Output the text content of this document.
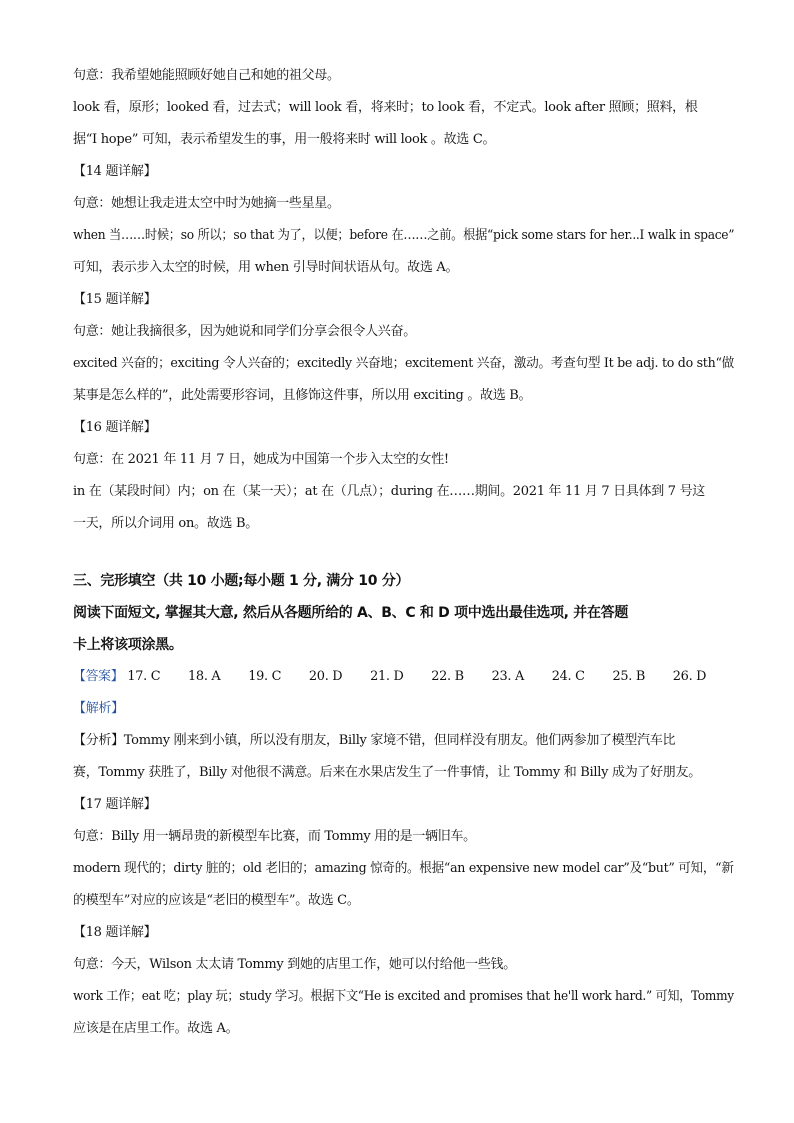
句意：我希望她能照顾好她自己和她的祖父母。
look 看，原形；looked 看，过去式；will look 看，将来时；to look 看，不定式。look after 照顾；照料，根
据“I hope” 可知，表示希望发生的事，用一般将来时 will look 。故选 C。
【14 题详解】
句意：她想让我走进太空中时为她摘一些星星。
when 当……时候；so 所以；so that 为了，以便；before 在……之前。根据“pick some stars for her...I walk in space”
可知，表示步入太空的时候，用 when 引导时间状语从句。故选 A。
【15 题详解】
句意：她让我摘很多，因为她说和同学们分享会很令人兴奋。
excited 兴奋的；exciting 令人兴奋的；excitedly 兴奋地；excitement 兴奋，激动。考查句型 It be adj. to do sth“做
某事是怎么样的”，此处需要形容词，且修饰这件事，所以用 exciting 。故选 B。
【16 题详解】
句意：在 2021 年 11 月 7 日，她成为中国第一个步入太空的女性!
in 在（某段时间）内；on 在（某一天）；at 在（几点）；during 在……期间。2021 年 11 月 7 日具体到 7 号这
一天，所以介词用 on。故选 B。
三、完形填空（共 10 小题;每小题 1 分, 满分 10 分）
阅读下面短文, 掌握其大意, 然后从各题所给的 A、B、C 和 D 项中选出最佳选项, 并在答题
卡上将该项涂黑。
【答案】 17. C 18. A 19. C 20. D 21. D 22. B 23. A 24. C 25. B 26. D
【解析】
【分析】Tommy 刚来到小镇，所以没有朋友，Billy 家境不错，但同样没有朋友。他们两参加了模型汽车比
赛，Tommy 获胜了，Billy 对他很不满意。后来在水果店发生了一件事情，让 Tommy 和 Billy 成为了好朋友。
【17 题详解】
句意：Billy 用一辆昂贵的新模型车比赛，而 Tommy 用的是一辆旧车。
modern 现代的；dirty 脏的；old 老旧的；amazing 惊奇的。根据“an expensive new model car”及“but” 可知，“新
的模型车”对应的应该是“老旧的模型车”。故选 C。
【18 题详解】
句意：今天，Wilson 太太请 Tommy 到她的店里工作，她可以付给他一些钱。
work 工作；eat 吃；play 玩；study 学习。根据下文“He is excited and promises that he'll work hard.” 可知，Tommy
应该是在店里工作。故选 A。
